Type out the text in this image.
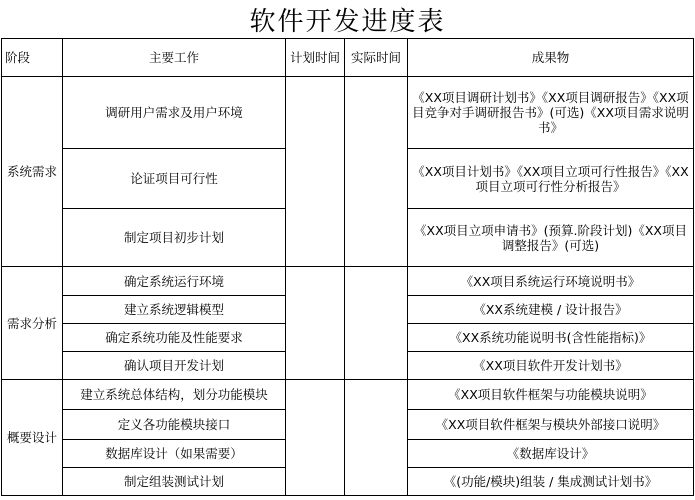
软件开发进度表
阶段	主要工作	计划时间	实际时间	成果物
系统需求	调研用户需求及用户环境			《XX项目调研计划书》《XX项目调研报告》《XX项目竞争对手调研报告书》(可选)《XX项目需求说明书》
	论证项目可行性			《XX项目计划书》《XX项目立项可行性报告》《XX项目立项可行性分析报告》
	制定项目初步计划			《XX项目立项申请书》(预算.阶段计划)《XX项目调整报告》(可选)
需求分析	确定系统运行环境			《XX项目系统运行环境说明书》
	建立系统逻辑模型			《XX系统建模 / 设计报告》
	确定系统功能及性能要求			《XX系统功能说明书(含性能指标)》
	确认项目开发计划			《XX项目软件开发计划书》
概要设计	建立系统总体结构，划分功能模块			《XX项目软件框架与功能模块说明》
	定义各功能模块接口			《XX项目软件框架与模块外部接口说明》
	数据库设计（如果需要）			《数据库设计》
	制定组装测试计划			《(功能/模块)组装 / 集成测试计划书》
